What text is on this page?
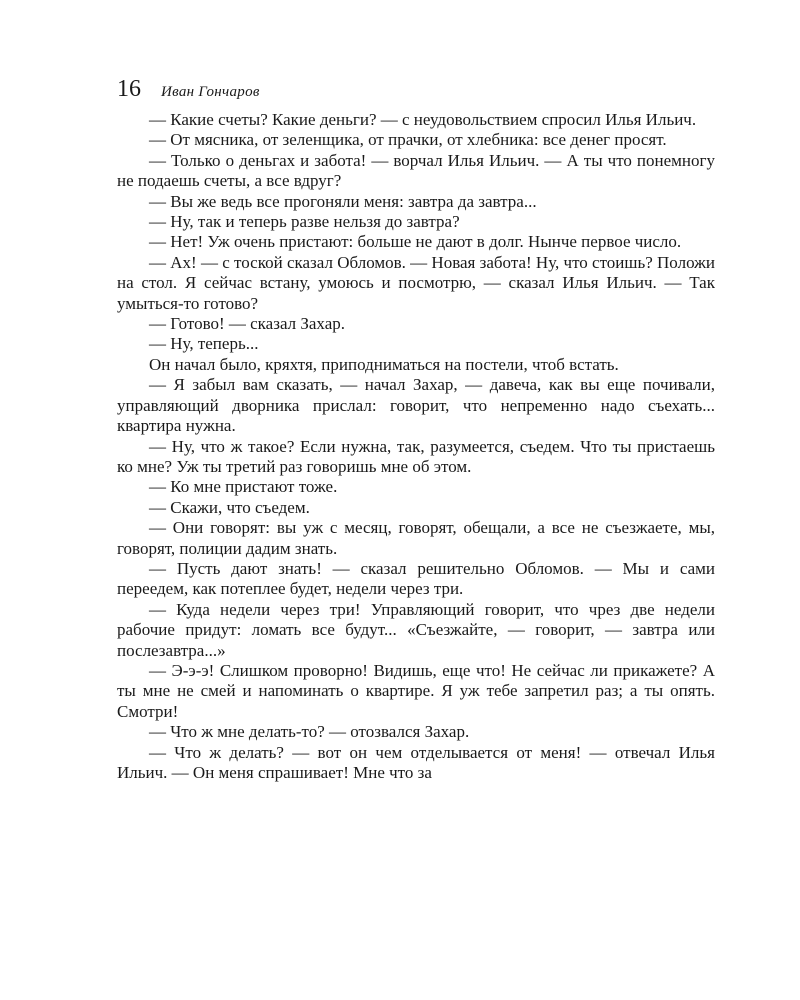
16 Иван Гончаров

— Какие счеты? Какие деньги? — с неудовольствием спросил Илья Ильич.

— От мясника, от зеленщика, от прачки, от хлебника: все денег просят.

— Только о деньгах и забота! — ворчал Илья Ильич. — А ты что понемногу не подаешь счеты, а все вдруг?

— Вы же ведь все прогоняли меня: завтра да завтра...

— Ну, так и теперь разве нельзя до завтра?

— Нет! Уж очень пристают: больше не дают в долг. Нынче первое число.

— Ах! — с тоской сказал Обломов. — Новая забота! Ну, что стоишь? Положи на стол. Я сейчас встану, умоюсь и посмотрю, — сказал Илья Ильич. — Так умыться-то готово?

— Готово! — сказал Захар.

— Ну, теперь...

Он начал было, кряхтя, приподниматься на постели, чтоб встать.

— Я забыл вам сказать, — начал Захар, — давеча, как вы еще почивали, управляющий дворника прислал: говорит, что непременно надо съехать... квартира нужна.

— Ну, что ж такое? Если нужна, так, разумеется, съедем. Что ты пристаешь ко мне? Уж ты третий раз говоришь мне об этом.

— Ко мне пристают тоже.

— Скажи, что съедем.

— Они говорят: вы уж с месяц, говорят, обещали, а все не съезжаете, мы, говорят, полиции дадим знать.

— Пусть дают знать! — сказал решительно Обломов. — Мы и сами переедем, как потеплее будет, недели через три.

— Куда недели через три! Управляющий говорит, что чрез две недели рабочие придут: ломать все будут... «Съезжайте, — говорит, — завтра или послезавтра...»

— Э-э-э! Слишком проворно! Видишь, еще что! Не сейчас ли прикажете? А ты мне не смей и напоминать о квартире. Я уж тебе запретил раз; а ты опять. Смотри!

— Что ж мне делать-то? — отозвался Захар.

— Что ж делать? — вот он чем отделывается от меня! — отвечал Илья Ильич. — Он меня спрашивает! Мне что за
